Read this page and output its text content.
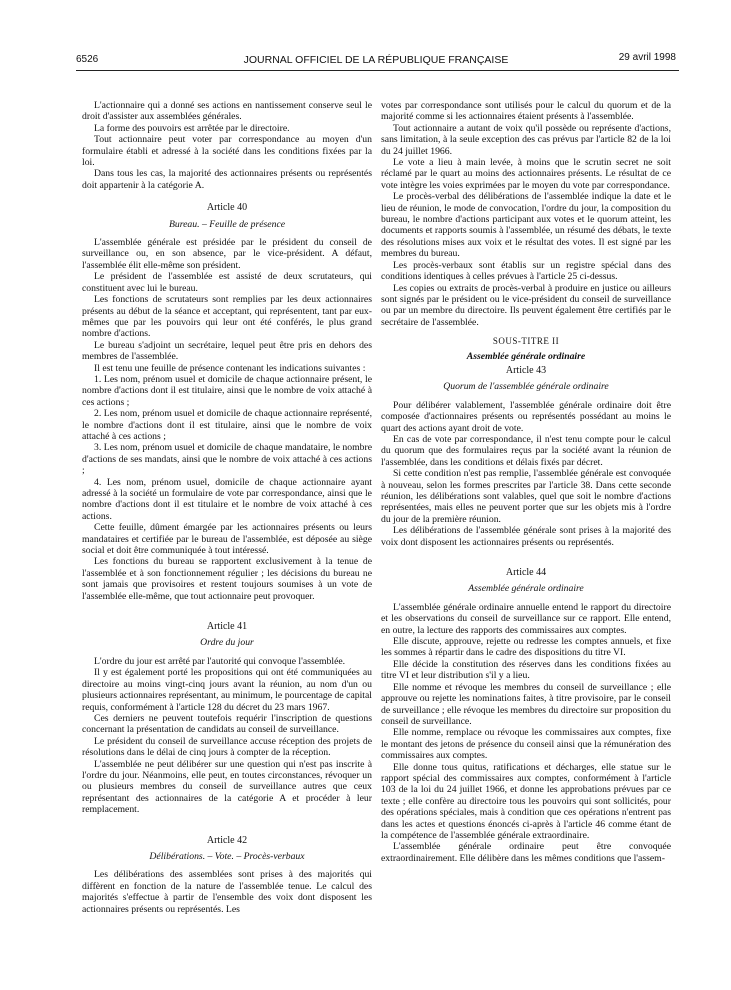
6526	JOURNAL OFFICIEL DE LA RÉPUBLIQUE FRANÇAISE	29 avril 1998

L'actionnaire qui a donné ses actions en nantissement conserve seul le droit d'assister aux assemblées générales.

La forme des pouvoirs est arrêtée par le directoire.

Tout actionnaire peut voter par correspondance au moyen d'un formulaire établi et adressé à la société dans les conditions fixées par la loi.

Dans tous les cas, la majorité des actionnaires présents ou représentés doit appartenir à la catégorie A.

Article 40

Bureau. – Feuille de présence

L'assemblée générale est présidée par le président du conseil de surveillance ou, en son absence, par le vice-président. A défaut, l'assemblée élit elle-même son président.

Le président de l'assemblée est assisté de deux scrutateurs, qui constituent avec lui le bureau.

Les fonctions de scrutateurs sont remplies par les deux actionnaires présents au début de la séance et acceptant, qui représentent, tant par eux-mêmes que par les pouvoirs qui leur ont été conférés, le plus grand nombre d'actions.

Le bureau s'adjoint un secrétaire, lequel peut être pris en dehors des membres de l'assemblée.

Il est tenu une feuille de présence contenant les indications suivantes :

1. Les nom, prénom usuel et domicile de chaque actionnaire présent, le nombre d'actions dont il est titulaire, ainsi que le nombre de voix attaché à ces actions ;

2. Les nom, prénom usuel et domicile de chaque actionnaire représenté, le nombre d'actions dont il est titulaire, ainsi que le nombre de voix attaché à ces actions ;

3. Les nom, prénom usuel et domicile de chaque mandataire, le nombre d'actions de ses mandats, ainsi que le nombre de voix attaché à ces actions ;

4. Les nom, prénom usuel, domicile de chaque actionnaire ayant adressé à la société un formulaire de vote par correspondance, ainsi que le nombre d'actions dont il est titulaire et le nombre de voix attaché à ces actions.

Cette feuille, dûment émargée par les actionnaires présents ou leurs mandataires et certifiée par le bureau de l'assemblée, est déposée au siège social et doit être communiquée à tout intéressé.

Les fonctions du bureau se rapportent exclusivement à la tenue de l'assemblée et à son fonctionnement régulier ; les décisions du bureau ne sont jamais que provisoires et restent toujours soumises à un vote de l'assemblée elle-même, que tout actionnaire peut provoquer.

Article 41

Ordre du jour

L'ordre du jour est arrêté par l'autorité qui convoque l'assemblée.

Il y est également porté les propositions qui ont été communiquées au directoire au moins vingt-cinq jours avant la réunion, au nom d'un ou plusieurs actionnaires représentant, au minimum, le pourcentage de capital requis, conformément à l'article 128 du décret du 23 mars 1967.

Ces derniers ne peuvent toutefois requérir l'inscription de questions concernant la présentation de candidats au conseil de surveillance.

Le président du conseil de surveillance accuse réception des projets de résolutions dans le délai de cinq jours à compter de la réception.

L'assemblée ne peut délibérer sur une question qui n'est pas inscrite à l'ordre du jour. Néanmoins, elle peut, en toutes circonstances, révoquer un ou plusieurs membres du conseil de surveillance autres que ceux représentant des actionnaires de la catégorie A et procéder à leur remplacement.

Article 42

Délibérations. – Vote. – Procès-verbaux

Les délibérations des assemblées sont prises à des majorités qui diffèrent en fonction de la nature de l'assemblée tenue. Le calcul des majorités s'effectue à partir de l'ensemble des voix dont disposent les actionnaires présents ou représentés. Les

votes par correspondance sont utilisés pour le calcul du quorum et de la majorité comme si les actionnaires étaient présents à l'assemblée.

Tout actionnaire a autant de voix qu'il possède ou représente d'actions, sans limitation, à la seule exception des cas prévus par l'article 82 de la loi du 24 juillet 1966.

Le vote a lieu à main levée, à moins que le scrutin secret ne soit réclamé par le quart au moins des actionnaires présents. Le résultat de ce vote intègre les voies exprimées par le moyen du vote par correspondance.

Le procès-verbal des délibérations de l'assemblée indique la date et le lieu de réunion, le mode de convocation, l'ordre du jour, la composition du bureau, le nombre d'actions participant aux votes et le quorum atteint, les documents et rapports soumis à l'assemblée, un résumé des débats, le texte des résolutions mises aux voix et le résultat des votes. Il est signé par les membres du bureau.

Les procès-verbaux sont établis sur un registre spécial dans des conditions identiques à celles prévues à l'article 25 ci-dessus.

Les copies ou extraits de procès-verbal à produire en justice ou ailleurs sont signés par le président ou le vice-président du conseil de surveillance ou par un membre du directoire. Ils peuvent également être certifiés par le secrétaire de l'assemblée.

SOUS-TITRE II

Assemblée générale ordinaire

Article 43

Quorum de l'assemblée générale ordinaire

Pour délibérer valablement, l'assemblée générale ordinaire doit être composée d'actionnaires présents ou représentés possédant au moins le quart des actions ayant droit de vote.

En cas de vote par correspondance, il n'est tenu compte pour le calcul du quorum que des formulaires reçus par la société avant la réunion de l'assemblée, dans les conditions et délais fixés par décret.

Si cette condition n'est pas remplie, l'assemblée générale est convoquée à nouveau, selon les formes prescrites par l'article 38. Dans cette seconde réunion, les délibérations sont valables, quel que soit le nombre d'actions représentées, mais elles ne peuvent porter que sur les objets mis à l'ordre du jour de la première réunion.

Les délibérations de l'assemblée générale sont prises à la majorité des voix dont disposent les actionnaires présents ou représentés.

Article 44

Assemblée générale ordinaire

L'assemblée générale ordinaire annuelle entend le rapport du directoire et les observations du conseil de surveillance sur ce rapport. Elle entend, en outre, la lecture des rapports des commissaires aux comptes.

Elle discute, approuve, rejette ou redresse les comptes annuels, et fixe les sommes à répartir dans le cadre des dispositions du titre VI.

Elle décide la constitution des réserves dans les conditions fixées au titre VI et leur distribution s'il y a lieu.

Elle nomme et révoque les membres du conseil de surveillance ; elle approuve ou rejette les nominations faites, à titre provisoire, par le conseil de surveillance ; elle révoque les membres du directoire sur proposition du conseil de surveillance.

Elle nomme, remplace ou révoque les commissaires aux comptes, fixe le montant des jetons de présence du conseil ainsi que la rémunération des commissaires aux comptes.

Elle donne tous quitus, ratifications et décharges, elle statue sur le rapport spécial des commissaires aux comptes, conformément à l'article 103 de la loi du 24 juillet 1966, et donne les approbations prévues par ce texte ; elle confère au directoire tous les pouvoirs qui sont sollicités, pour des opérations spéciales, mais à condition que ces opérations n'entrent pas dans les actes et questions énoncés ci-après à l'article 46 comme étant de la compétence de l'assemblée générale extraordinaire.

L'assemblée générale ordinaire peut être convoquée extraordinairement. Elle délibère dans les mêmes conditions que l'assem-
